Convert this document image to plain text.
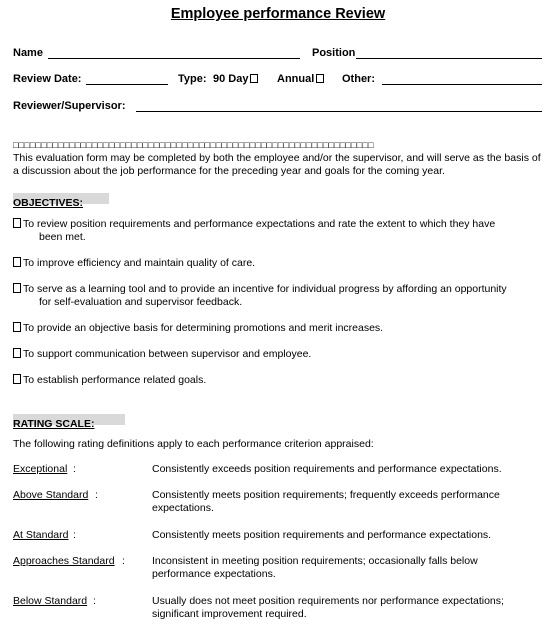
Employee performance Review
Name	Position
Review Date:	Type: 90 Day	Annual	Other:
Reviewer/Supervisor:
□□□□□□□□□□□□□□□□□□□□□□□□□□□□□□□□□□□□□□□□□□□□□□□□□□□□□□□□□□□□□□□□
This evaluation form may be completed by both the employee and/or the supervisor, and will serve as the basis of a discussion about the job performance for the preceding year and goals for the coming year.
OBJECTIVES:
To review position requirements and performance expectations and rate the extent to which they have
been met.
To improve efficiency and maintain quality of care.
To serve as a learning tool and to provide an incentive for individual progress by affording an opportunity
for self-evaluation and supervisor feedback.
To provide an objective basis for determining promotions and merit increases.
To support communication between supervisor and employee.
To establish performance related goals.
RATING SCALE:
The following rating definitions apply to each performance criterion appraised:
Exceptional :	Consistently exceeds position requirements and performance expectations.
Above Standard :	Consistently meets position requirements; frequently exceeds performance expectations.
At Standard :	Consistently meets position requirements and performance expectations.
Approaches Standard :	Inconsistent in meeting position requirements; occasionally falls below performance expectations.
Below Standard :	Usually does not meet position requirements nor performance expectations; significant improvement required.
